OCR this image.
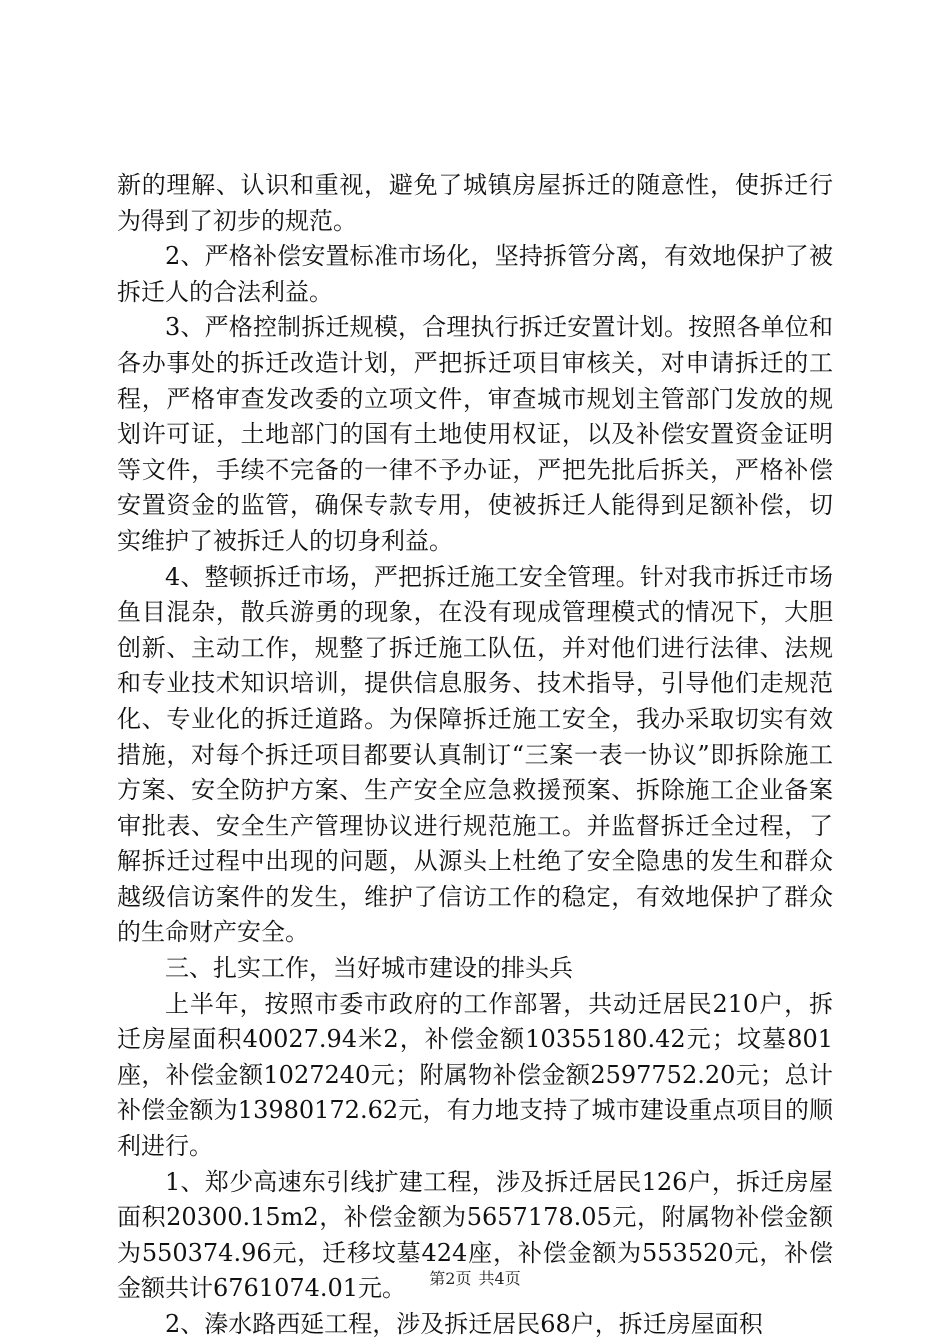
新的理解、认识和重视，避免了城镇房屋拆迁的随意性，使拆迁行为得到了初步的规范。

2、严格补偿安置标准市场化，坚持拆管分离，有效地保护了被拆迁人的合法利益。

3、严格控制拆迁规模，合理执行拆迁安置计划。按照各单位和各办事处的拆迁改造计划，严把拆迁项目审核关，对申请拆迁的工程，严格审查发改委的立项文件，审查城市规划主管部门发放的规划许可证，土地部门的国有土地使用权证，以及补偿安置资金证明等文件，手续不完备的一律不予办证，严把先批后拆关，严格补偿安置资金的监管，确保专款专用，使被拆迁人能得到足额补偿，切实维护了被拆迁人的切身利益。

4、整顿拆迁市场，严把拆迁施工安全管理。针对我市拆迁市场鱼目混杂，散兵游勇的现象，在没有现成管理模式的情况下，大胆创新、主动工作，规整了拆迁施工队伍，并对他们进行法律、法规和专业技术知识培训，提供信息服务、技术指导，引导他们走规范化、专业化的拆迁道路。为保障拆迁施工安全，我办采取切实有效措施，对每个拆迁项目都要认真制订“三案一表一协议”即拆除施工方案、安全防护方案、生产安全应急救援预案、拆除施工企业备案审批表、安全生产管理协议进行规范施工。并监督拆迁全过程，了解拆迁过程中出现的问题，从源头上杜绝了安全隐患的发生和群众越级信访案件的发生，维护了信访工作的稳定，有效地保护了群众的生命财产安全。

三、扎实工作，当好城市建设的排头兵

上半年，按照市委市政府的工作部署，共动迁居民210户，拆迁房屋面积40027.94米2，补偿金额10355180.42元；坟墓801座，补偿金额1027240元；附属物补偿金额2597752.20元；总计补偿金额为13980172.62元，有力地支持了城市建设重点项目的顺利进行。

1、郑少高速东引线扩建工程，涉及拆迁居民126户，拆迁房屋面积20300.15m2，补偿金额为5657178.05元，附属物补偿金额为550374.96元，迁移坟墓424座，补偿金额为553520元，补偿金额共计6761074.01元。

2、溱水路西延工程，涉及拆迁居民68户，拆迁房屋面积

第2页 共4页
